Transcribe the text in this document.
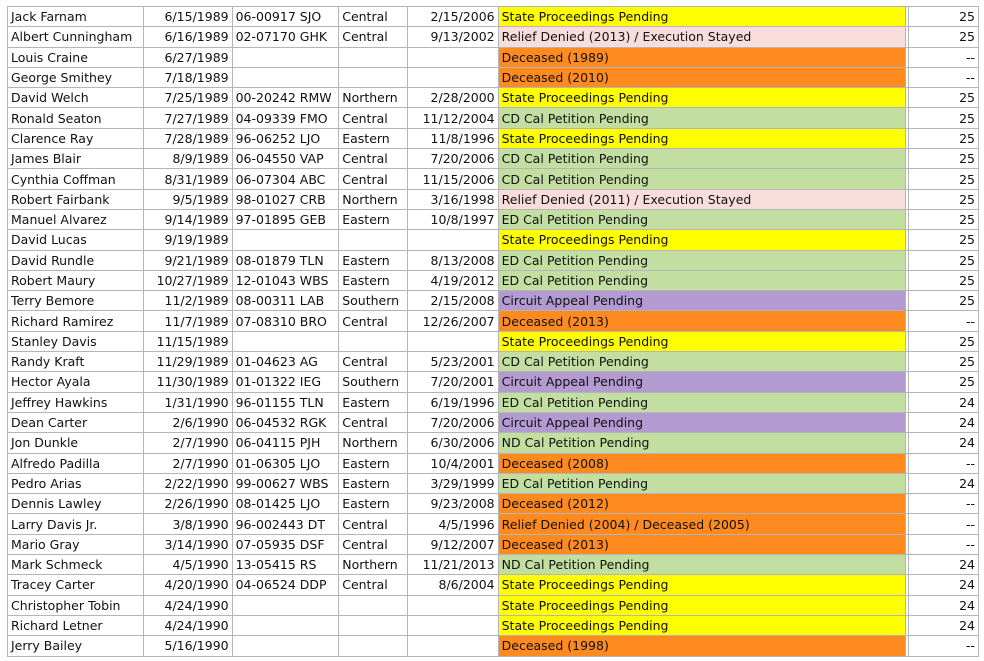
Jack Farnam	6/15/1989	06-00917 SJO	Central	2/15/2006	State Proceedings Pending		25
Albert Cunningham	6/16/1989	02-07170 GHK	Central	9/13/2002	Relief Denied (2013) / Execution Stayed		25
Louis Craine	6/27/1989				Deceased (1989)		--
George Smithey	7/18/1989				Deceased (2010)		--
David Welch	7/25/1989	00-20242 RMW	Northern	2/28/2000	State Proceedings Pending		25
Ronald Seaton	7/27/1989	04-09339 FMO	Central	11/12/2004	CD Cal Petition Pending		25
Clarence Ray	7/28/1989	96-06252 LJO	Eastern	11/8/1996	State Proceedings Pending		25
James Blair	8/9/1989	06-04550 VAP	Central	7/20/2006	CD Cal Petition Pending		25
Cynthia Coffman	8/31/1989	06-07304 ABC	Central	11/15/2006	CD Cal Petition Pending		25
Robert Fairbank	9/5/1989	98-01027 CRB	Northern	3/16/1998	Relief Denied (2011) / Execution Stayed		25
Manuel Alvarez	9/14/1989	97-01895 GEB	Eastern	10/8/1997	ED Cal Petition Pending		25
David Lucas	9/19/1989				State Proceedings Pending		25
David Rundle	9/21/1989	08-01879 TLN	Eastern	8/13/2008	ED Cal Petition Pending		25
Robert Maury	10/27/1989	12-01043 WBS	Eastern	4/19/2012	ED Cal Petition Pending		25
Terry Bemore	11/2/1989	08-00311 LAB	Southern	2/15/2008	Circuit Appeal Pending		25
Richard Ramirez	11/7/1989	07-08310 BRO	Central	12/26/2007	Deceased (2013)		--
Stanley Davis	11/15/1989				State Proceedings Pending		25
Randy Kraft	11/29/1989	01-04623 AG	Central	5/23/2001	CD Cal Petition Pending		25
Hector Ayala	11/30/1989	01-01322 IEG	Southern	7/20/2001	Circuit Appeal Pending		25
Jeffrey Hawkins	1/31/1990	96-01155 TLN	Eastern	6/19/1996	ED Cal Petition Pending		24
Dean Carter	2/6/1990	06-04532 RGK	Central	7/20/2006	Circuit Appeal Pending		24
Jon Dunkle	2/7/1990	06-04115 PJH	Northern	6/30/2006	ND Cal Petition Pending		24
Alfredo Padilla	2/7/1990	01-06305 LJO	Eastern	10/4/2001	Deceased (2008)		--
Pedro Arias	2/22/1990	99-00627 WBS	Eastern	3/29/1999	ED Cal Petition Pending		24
Dennis Lawley	2/26/1990	08-01425 LJO	Eastern	9/23/2008	Deceased (2012)		--
Larry Davis Jr.	3/8/1990	96-002443 DT	Central	4/5/1996	Relief Denied (2004) / Deceased (2005)		--
Mario Gray	3/14/1990	07-05935 DSF	Central	9/12/2007	Deceased (2013)		--
Mark Schmeck	4/5/1990	13-05415 RS	Northern	11/21/2013	ND Cal Petition Pending		24
Tracey Carter	4/20/1990	04-06524 DDP	Central	8/6/2004	State Proceedings Pending		24
Christopher Tobin	4/24/1990				State Proceedings Pending		24
Richard Letner	4/24/1990				State Proceedings Pending		24
Jerry Bailey	5/16/1990				Deceased (1998)		--
